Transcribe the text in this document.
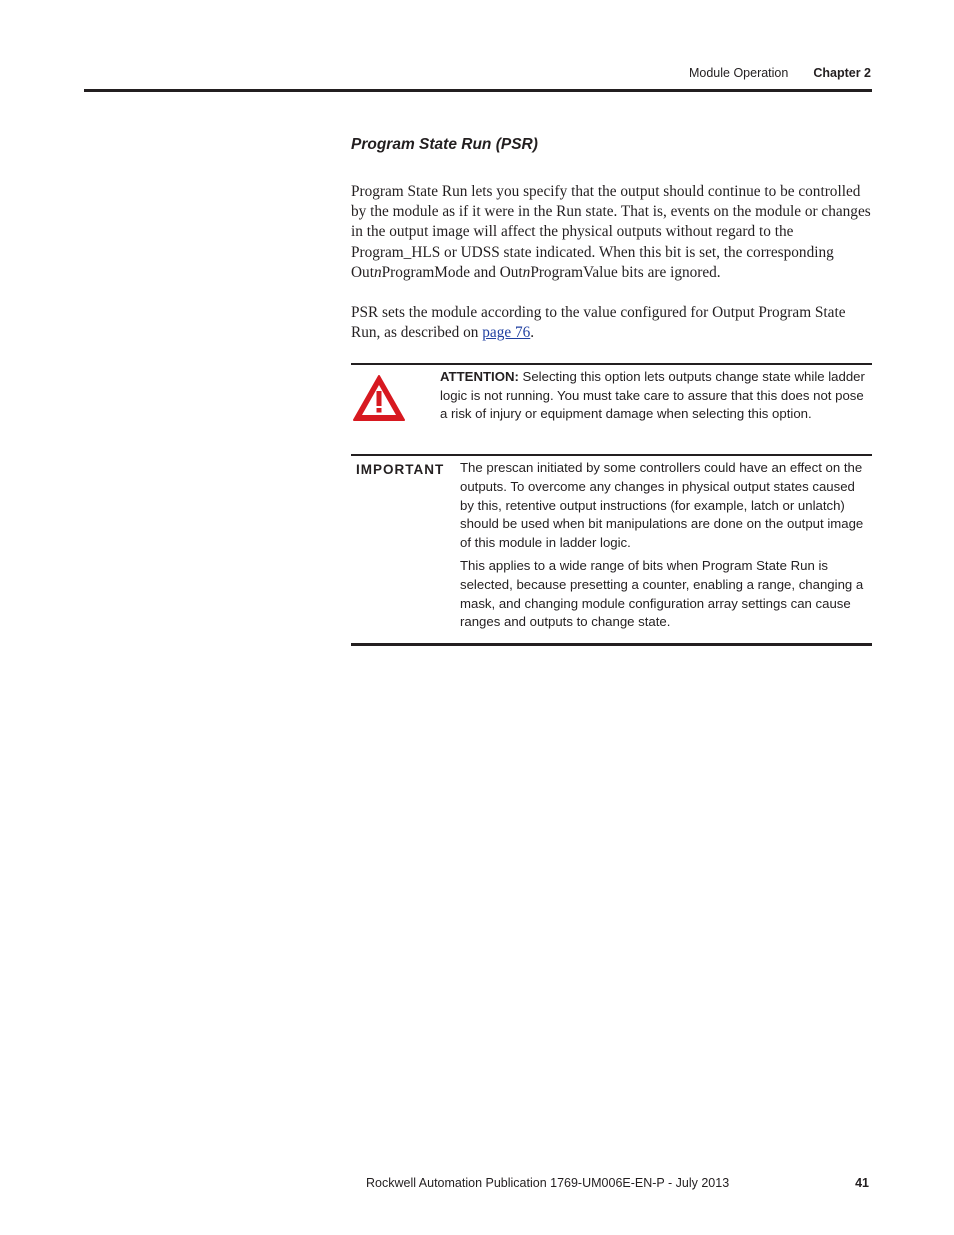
Module Operation Chapter 2
Program State Run (PSR)

Program State Run lets you specify that the output should continue to be controlled by the module as if it were in the Run state. That is, events on the module or changes in the output image will affect the physical outputs without regard to the Program_HLS or UDSS state indicated. When this bit is set, the corresponding OutnProgramMode and OutnProgramValue bits are ignored.

PSR sets the module according to the value configured for Output Program State Run, as described on page 76.

ATTENTION: Selecting this option lets outputs change state while ladder logic is not running. You must take care to assure that this does not pose a risk of injury or equipment damage when selecting this option.
IMPORTANT	The prescan initiated by some controllers could have an effect on the outputs. To overcome any changes in physical output states caused by this, retentive output instructions (for example, latch or unlatch) should be used when bit manipulations are done on the output image of this module in ladder logic.

This applies to a wide range of bits when Program State Run is selected, because presetting a counter, enabling a range, changing a mask, and changing module configuration array settings can cause ranges and outputs to change state.

Rockwell Automation Publication 1769-UM006E-EN-P - July 2013	41
